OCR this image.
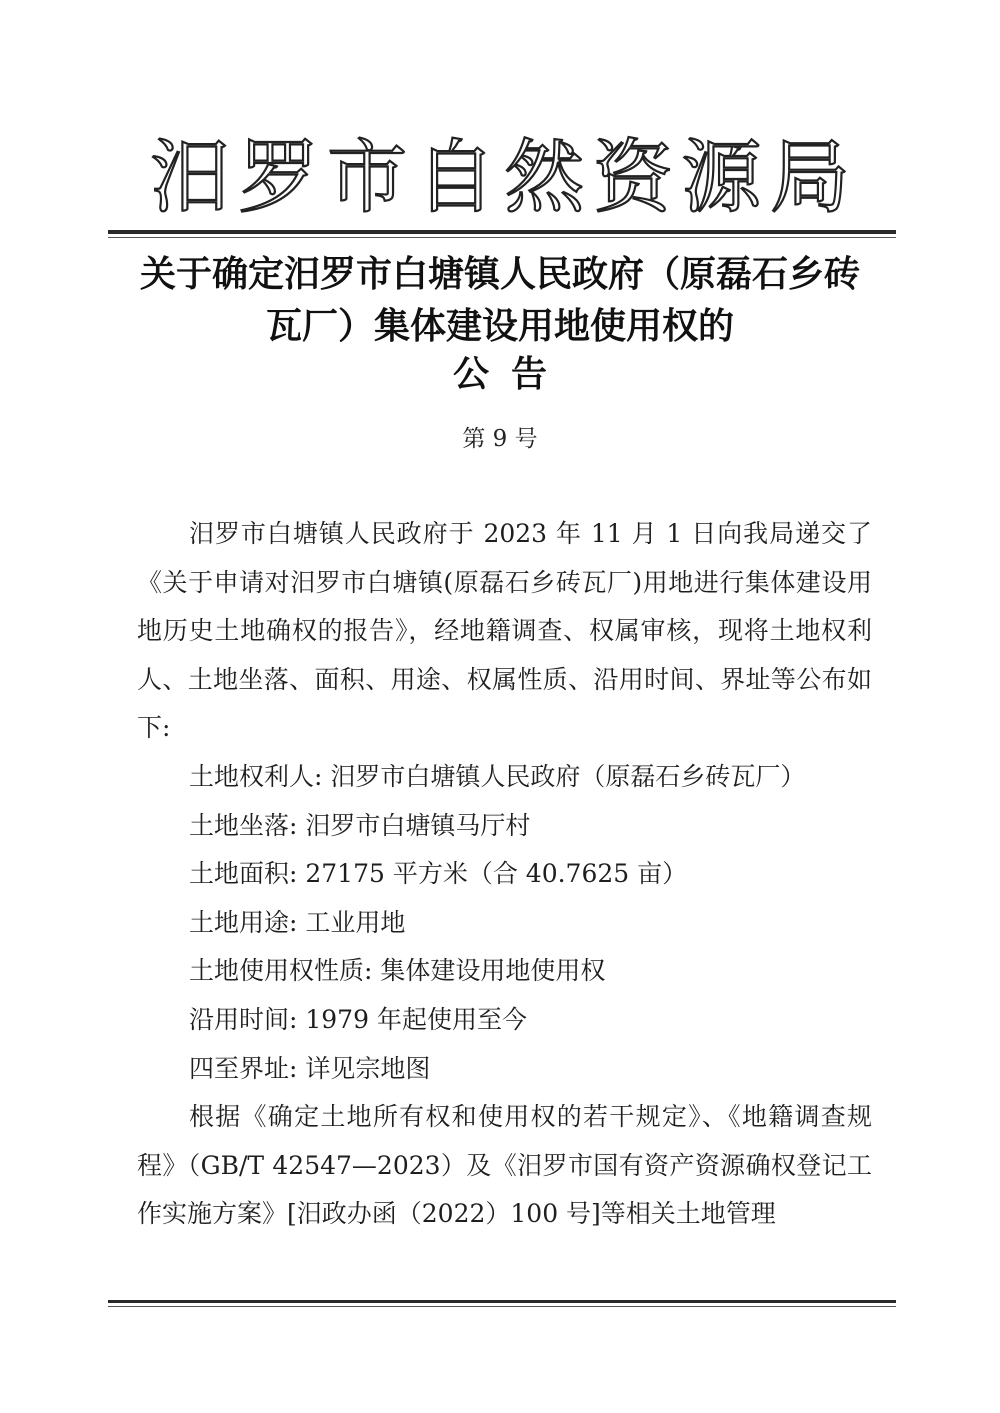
汨 罗 市 自 然 资 源 局
关于确定汨罗市白塘镇人民政府（原磊石乡砖
瓦厂）集体建设用地使用权的
公告
第 9 号

汨罗市白塘镇人民政府于 2023 年 11 月 1 日向我局递交了《关于申请对汨罗市白塘镇(原磊石乡砖瓦厂)用地进行集体建设用地历史土地确权的报告》，经地籍调查、权属审核，现将土地权利人、土地坐落、面积、用途、权属性质、沿用时间、界址等公布如下:

土地权利人: 汨罗市白塘镇人民政府（原磊石乡砖瓦厂）

土地坐落: 汨罗市白塘镇马厅村

土地面积: 27175 平方米（合 40.7625 亩）

土地用途: 工业用地

土地使用权性质: 集体建设用地使用权

沿用时间: 1979 年起使用至今

四至界址: 详见宗地图

根据《确定土地所有权和使用权的若干规定》、《地籍调查规程》（GB/T 42547—2023）及《汨罗市国有资产资源确权登记工作实施方案》[汨政办函（2022）100 号]等相关土地管理
